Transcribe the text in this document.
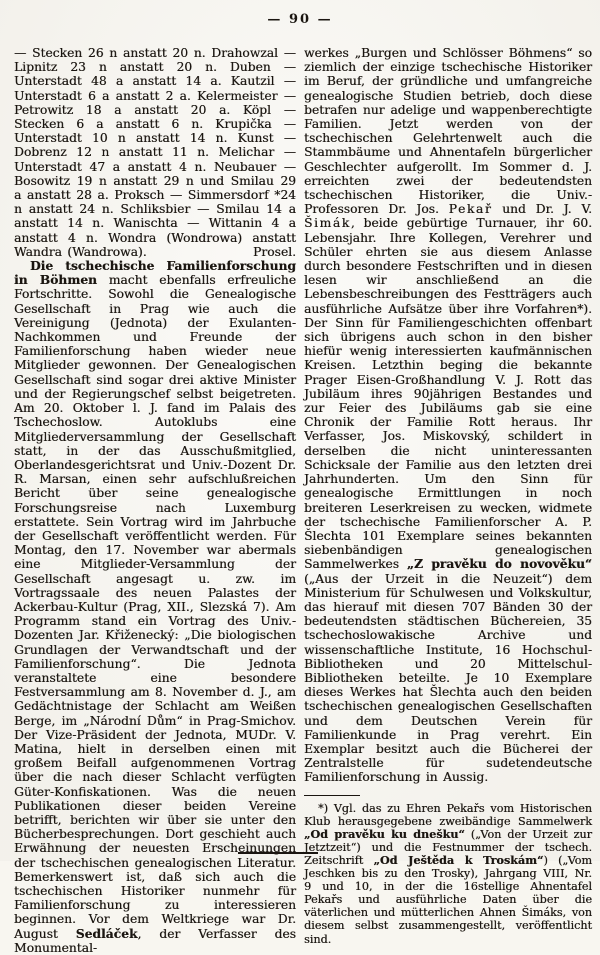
— 90 —

— Stecken 26 n anstatt 20 n. Drahowzal — Lipnitz 23 n anstatt 20 n. Duben — Unterstadt 48 a anstatt 14 a. Kautzil — Unterstadt 6 a anstatt 2 a. Kelermeister — Petrowitz 18 a anstatt 20 a. Köpl — Stecken 6 a anstatt 6 n. Krupička — Unterstadt 10 n anstatt 14 n. Kunst — Dobrenz 12 n anstatt 11 n. Melichar — Unterstadt 47 a anstatt 4 n. Neubauer — Bosowitz 19 n anstatt 29 n und Smilau 29 a anstatt 28 a. Proksch — Simmersdorf *24 n anstatt 24 n. Schliksbier — Smilau 14 a anstatt 14 n. Wanischta — Wittanin 4 a anstatt 4 n. Wondra (Wondrowa) anstatt Wandra (Wandrowa).	Prosel.

Die tschechische Familienforschung in Böhmen macht ebenfalls erfreuliche Fortschritte. Sowohl die Genealogische Gesellschaft in Prag wie auch die Vereinigung (Jednota) der Exulanten-Nachkommen und Freunde der Familienforschung haben wieder neue Mitglieder gewonnen. Der Genealogischen Gesellschaft sind sogar drei aktive Minister und der Regierungschef selbst beigetreten. Am 20. Oktober l. J. fand im Palais des Tschechoslow. Autoklubs eine Mitgliederversammlung der Gesellschaft statt, in der das Ausschußmitglied, Oberlandesgerichtsrat und Univ.-Dozent Dr. R. Marsan, einen sehr aufschlußreichen Bericht über seine genealogische Forschungsreise nach Luxemburg erstattete. Sein Vortrag wird im Jahrbuche der Gesellschaft veröffentlicht werden. Für Montag, den 17. November war abermals eine Mitglieder-Versammlung der Gesellschaft angesagt u. zw. im Vortragssaale des neuen Palastes der Ackerbau-Kultur (Prag, XII., Slezská 7). Am Programm stand ein Vortrag des Univ.-Dozenten Jar. Křiženecký: „Die biologischen Grundlagen der Verwandtschaft und der Familienforschung“. Die Jednota veranstaltete eine besondere Festversammlung am 8. November d. J., am Gedächtnistage der Schlacht am Weißen Berge, im „Národní Dům“ in Prag-Smichov. Der Vize-Präsident der Jednota, MUDr. V. Matina, hielt in derselben einen mit großem Beifall aufgenommenen Vortrag über die nach dieser Schlacht verfügten Güter-Konfiskationen. Was die neuen Publikationen dieser beiden Vereine betrifft, berichten wir über sie unter den Bücherbesprechungen. Dort geschieht auch Erwähnung der neuesten Erscheinungen der tschechischen genealogischen Literatur. Bemerkenswert ist, daß sich auch die tschechischen Historiker nunmehr für Familienforschung zu interessieren beginnen. Vor dem Weltkriege war Dr. August Sedláček, der Verfasser des Monumental-

werkes „Burgen und Schlösser Böhmens“ so ziemlich der einzige tschechische Historiker im Beruf, der gründliche und umfangreiche genealogische Studien betrieb, doch diese betrafen nur adelige und wappenberechtigte Familien. Jetzt werden von der tschechischen Gelehrtenwelt auch die Stammbäume und Ahnentafeln bürgerlicher Geschlechter aufgerollt. Im Sommer d. J. erreichten zwei der bedeutendsten tschechischen Historiker, die Univ.-Professoren Dr. Jos. Pekař und Dr. J. V. Šimák, beide gebürtige Turnauer, ihr 60. Lebensjahr. Ihre Kollegen, Verehrer und Schüler ehrten sie aus diesem Anlasse durch besondere Festschriften und in diesen lesen wir anschließend an die Lebensbeschreibungen des Festträgers auch ausführliche Aufsätze über ihre Vorfahren*). Der Sinn für Familiengeschichten offenbart sich übrigens auch schon in den bisher hiefür wenig interessierten kaufmännischen Kreisen. Letzthin beging die bekannte Prager Eisen-Großhandlung V. J. Rott das Jubiläum ihres 90jährigen Bestandes und zur Feier des Jubiläums gab sie eine Chronik der Familie Rott heraus. Ihr Verfasser, Jos. Miskovský, schildert in derselben die nicht uninteressanten Schicksale der Familie aus den letzten drei Jahrhunderten. Um den Sinn für genealogische Ermittlungen in noch breiteren Leserkreisen zu wecken, widmete der tschechische Familienforscher A. P. Šlechta 101 Exemplare seines bekannten siebenbändigen genealogischen Sammelwerkes „Z pravěku do novověku“ („Aus der Urzeit in die Neuzeit“) dem Ministerium für Schulwesen und Volkskultur, das hierauf mit diesen 707 Bänden 30 der bedeutendsten städtischen Büchereien, 35 tschechoslowakische Archive und wissenschaftliche Institute, 16 Hochschul-Bibliotheken und 20 Mittelschul-Bibliotheken beteilte. Je 10 Exemplare dieses Werkes hat Šlechta auch den beiden tschechischen genealogischen Gesellschaften und dem Deutschen Verein für Familienkunde in Prag verehrt. Ein Exemplar besitzt auch die Bücherei der Zentralstelle für sudetendeutsche Familienforschung in Aussig.

*) Vgl. das zu Ehren Pekařs vom Historischen Klub herausgegebene zweibändige Sammelwerk „Od pravěku ku dnešku“ („Von der Urzeit zur Jetztzeit“) und die Festnummer der tschech. Zeitschrift „Od Ještěda k Troskám“) („Vom Jeschken bis zu den Trosky), Jahrgang VIII, Nr. 9 und 10, in der die 16stellige Ahnentafel Pekařs und ausführliche Daten über die väterlichen und mütterlichen Ahnen Šimáks, von diesem selbst zusammengestellt, veröffentlicht sind.
